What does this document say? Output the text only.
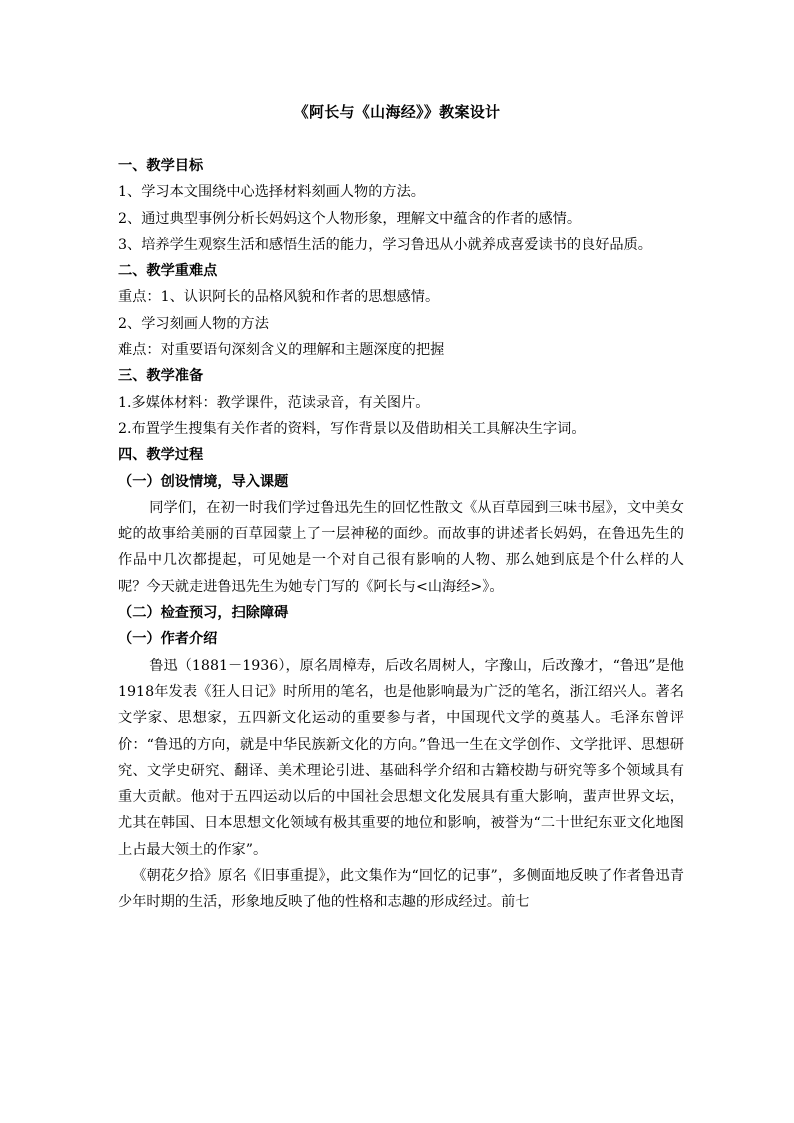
《阿长与《山海经》》教案设计

一、教学目标

1、学习本文围绕中心选择材料刻画人物的方法。

2、通过典型事例分析长妈妈这个人物形象，理解文中蕴含的作者的感情。

3、培养学生观察生活和感悟生活的能力，学习鲁迅从小就养成喜爱读书的良好品质。

二、教学重难点

重点：1、认识阿长的品格风貌和作者的思想感情。

2、学习刻画人物的方法

难点：对重要语句深刻含义的理解和主题深度的把握

三、教学准备

1.多媒体材料：教学课件，范读录音，有关图片。

2.布置学生搜集有关作者的资料，写作背景以及借助相关工具解决生字词。

四、教学过程

（一）创设情境，导入课题

同学们，在初一时我们学过鲁迅先生的回忆性散文《从百草园到三味书屋》，文中美女蛇的故事给美丽的百草园蒙上了一层神秘的面纱。而故事的讲述者长妈妈，在鲁迅先生的作品中几次都提起，可见她是一个对自己很有影响的人物、那么她到底是个什么样的人呢？今天就走进鲁迅先生为她专门写的《阿长与<山海经>》。

（二）检查预习，扫除障碍

（一）作者介绍

鲁迅（1881－1936），原名周樟寿，后改名周树人，字豫山，后改豫才，“鲁迅”是他1918年发表《狂人日记》时所用的笔名，也是他影响最为广泛的笔名，浙江绍兴人。著名文学家、思想家，五四新文化运动的重要参与者，中国现代文学的奠基人。毛泽东曾评价：“鲁迅的方向，就是中华民族新文化的方向。”鲁迅一生在文学创作、文学批评、思想研究、文学史研究、翻译、美术理论引进、基础科学介绍和古籍校勘与研究等多个领域具有重大贡献。他对于五四运动以后的中国社会思想文化发展具有重大影响，蜚声世界文坛，尤其在韩国、日本思想文化领域有极其重要的地位和影响，被誉为“二十世纪东亚文化地图上占最大领土的作家”。

《朝花夕拾》原名《旧事重提》，此文集作为“回忆的记事”，多侧面地反映了作者鲁迅青少年时期的生活，形象地反映了他的性格和志趣的形成经过。前七
